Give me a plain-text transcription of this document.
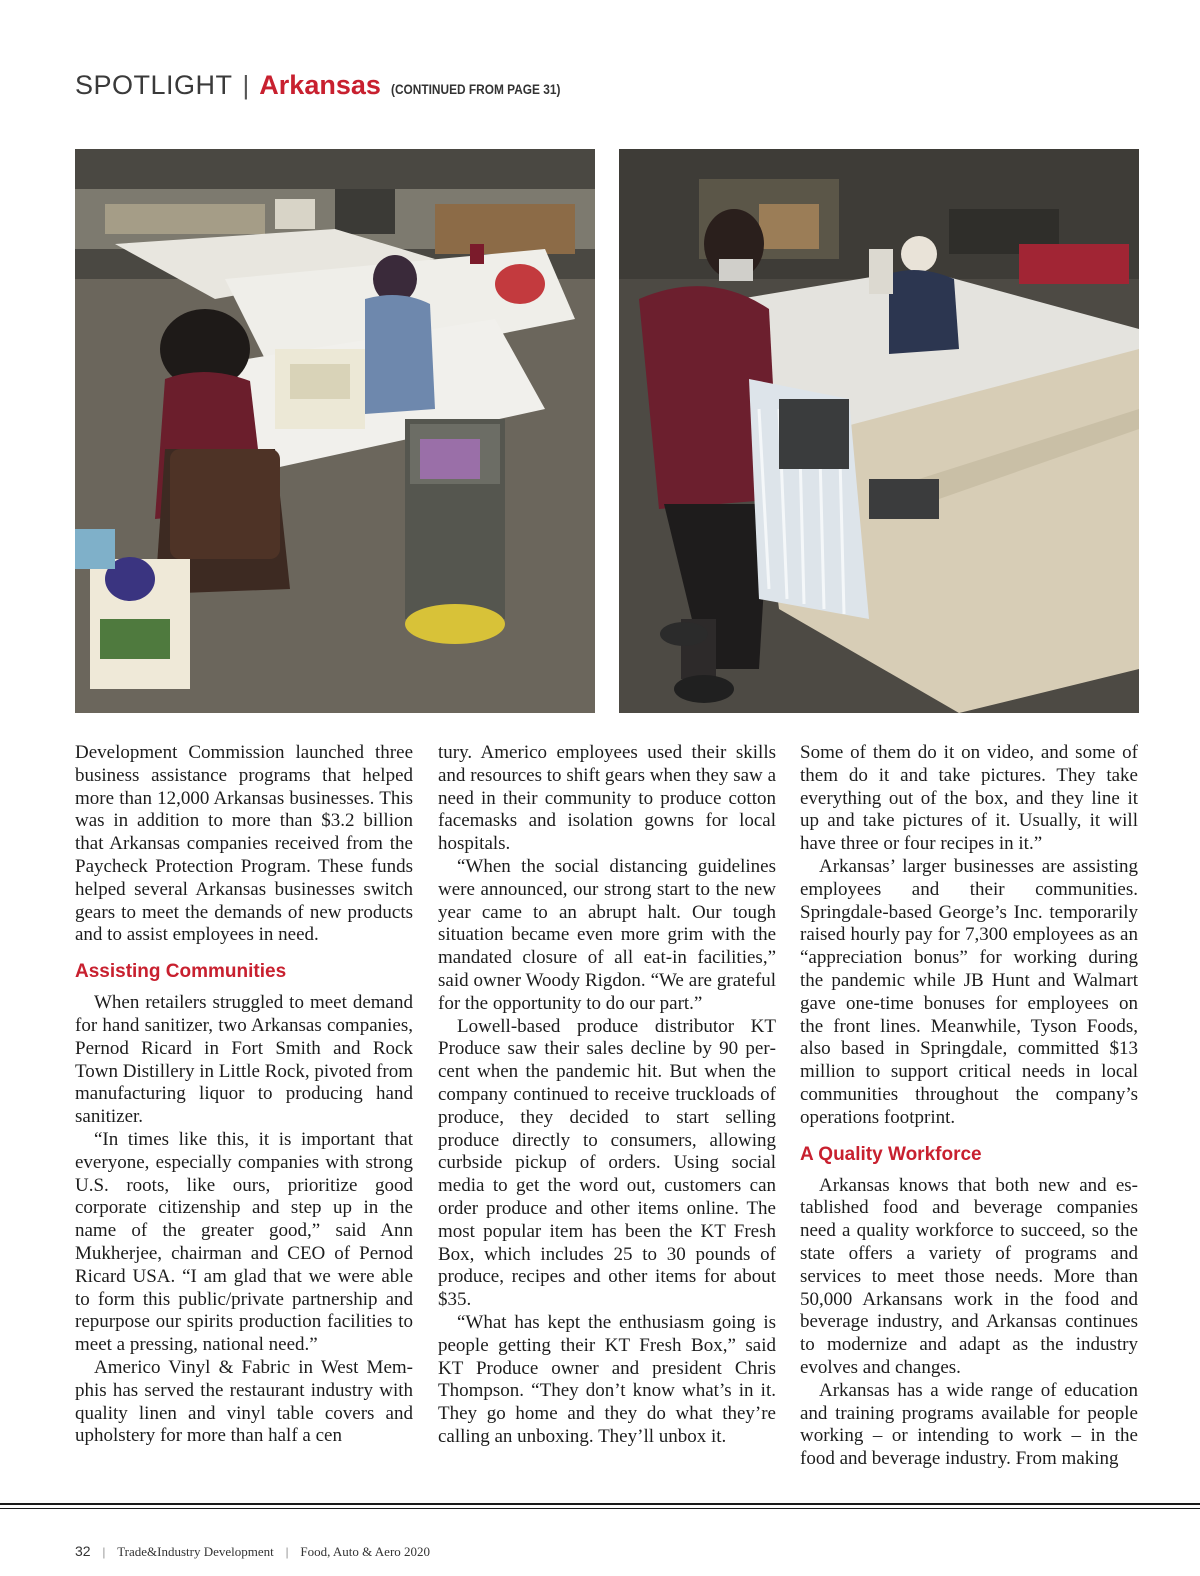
SPOTLIGHT | Arkansas (CONTINUED FROM PAGE 31)

Development Commission launched three business assistance programs that helped more than 12,000 Arkansas businesses. This was in addition to more than $3.2 billion that Arkansas companies received from the Paycheck Protection Program. These funds helped several Arkansas businesses switch gears to meet the demands of new products and to assist employees in need.

Assisting Communities

When retailers struggled to meet demand for hand sanitizer, two Arkansas companies, Pernod Ricard in Fort Smith and Rock Town Distillery in Little Rock, pivoted from manufacturing liquor to producing hand sanitizer.

“In times like this, it is important that everyone, especially companies with strong U.S. roots, like ours, prioritize good corporate citizenship and step up in the name of the greater good,” said Ann Mukherjee, chairman and CEO of Pernod Ricard USA. “I am glad that we were able to form this public/private partnership and repurpose our spirits production facilities to meet a pressing, national need.”

Americo Vinyl & Fabric in West Memphis has served the restaurant industry with quality linen and vinyl table covers and upholstery for more than half a cen

tury. Americo employees used their skills and resources to shift gears when they saw a need in their community to produce cotton facemasks and isolation gowns for local hospitals.

“When the social distancing guidelines were announced, our strong start to the new year came to an abrupt halt. Our tough situation became even more grim with the mandated closure of all eat-in facilities,” said owner Woody Rigdon. “We are grateful for the opportunity to do our part.”

Lowell-based produce distributor KT Produce saw their sales decline by 90 percent when the pandemic hit. But when the company continued to receive truckloads of produce, they decided to start selling produce directly to consumers, allowing curbside pickup of orders. Using social media to get the word out, customers can order produce and other items online. The most popular item has been the KT Fresh Box, which includes 25 to 30 pounds of produce, recipes and other items for about $35.

“What has kept the enthusiasm going is people getting their KT Fresh Box,” said KT Produce owner and president Chris Thompson. “They don’t know what’s in it. They go home and they do what they’re calling an unboxing. They’ll unbox it.

Some of them do it on video, and some of them do it and take pictures. They take everything out of the box, and they line it up and take pictures of it. Usually, it will have three or four recipes in it.”

Arkansas’ larger businesses are assisting employees and their communities. Springdale-based George’s Inc. temporarily raised hourly pay for 7,300 employees as an “appreciation bonus” for working during the pandemic while JB Hunt and Walmart gave one-time bonuses for employees on the front lines. Meanwhile, Tyson Foods, also based in Springdale, committed $13 million to support critical needs in local communities throughout the company’s operations footprint.

A Quality Workforce

Arkansas knows that both new and established food and beverage companies need a quality workforce to succeed, so the state offers a variety of programs and services to meet those needs. More than 50,000 Arkansans work in the food and beverage industry, and Arkansas continues to modernize and adapt as the industry evolves and changes.

Arkansas has a wide range of education and training programs available for people working – or intending to work – in the food and beverage industry. From making

32 | Trade&Industry Development | Food, Auto & Aero 2020
